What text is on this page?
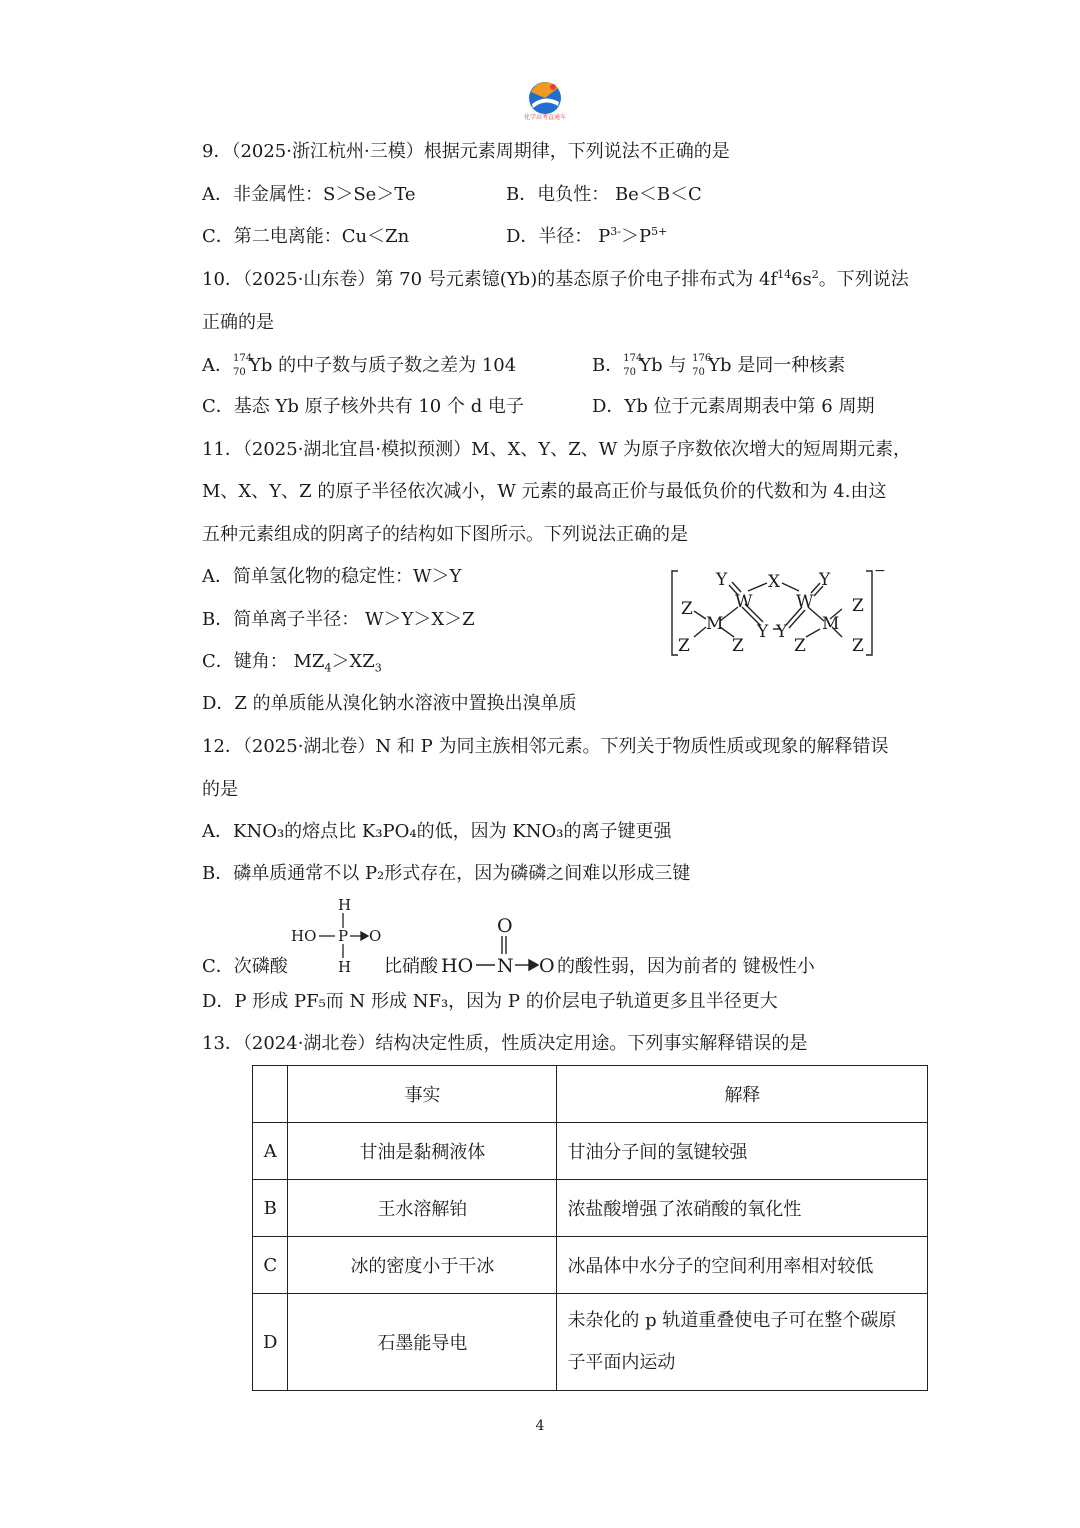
化学高考直通车
9．（2025·浙江杭州·三模）根据元素周期律，下列说法不正确的是
A．非金属性：S＞Se＞Te	B．电负性： Be＜B＜C
C．第二电离能：Cu＜Zn	D．半径： $P^{3-}>P^{5+}$
10．（2025·山东卷）第 70 号元素镱(Yb)的基态原子价电子排布式为 $4f^{14}6s^2$。下列说法
正确的是
A． 174
70 Yb 的中子数与质子数之差为 104	B． 174
70 Yb 与 176
70 Yb 是同一种核素
C．基态 Yb 原子核外共有 10 个 d 电子	D．Yb 位于元素周期表中第 6 周期
11．（2025·湖北宜昌·模拟预测）M、X、Y、Z、W 为原子序数依次增大的短周期元素，
M、X、Y、Z 的原子半径依次减小，W 元素的最高正价与最低负价的代数和为 4.由这
五种元素组成的阴离子的结构如下图所示。下列说法正确的是
A．简单氢化物的稳定性：W＞Y
B．简单离子半径： W＞Y＞X＞Z
C．键角： $MZ_4>XZ_3$
D．Z 的单质能从溴化钠水溶液中置换出溴单质
Y X Y
W	W
Z
M Y Y M
Z
Z Z	Z	Z
−
12．（2025·湖北卷）N 和 P 为同主族相邻元素。下列关于物质性质或现象的解释错误
的是
A．KNO₃的熔点比 K₃PO₄的低，因为 KNO₃的离子键更强
B．磷单质通常不以 P₂形式存在，因为磷磷之间难以形成三键
H
HO P O
H
O
HO N O
C．次磷酸	比硝酸	的酸性弱，因为前者的 键极性小
D．P 形成 PF₅而 N 形成 NF₃，因为 P 的价层电子轨道更多且半径更大
13．（2024·湖北卷）结构决定性质，性质决定用途。下列事实解释错误的是
	事实	解释
A	甘油是黏稠液体	甘油分子间的氢键较强
B	王水溶解铂	浓盐酸增强了浓硝酸的氧化性
C	冰的密度小于干冰	冰晶体中水分子的空间利用率相对较低
D	石墨能导电	未杂化的 p 轨道重叠使电子可在整个碳原
子平面内运动
4
